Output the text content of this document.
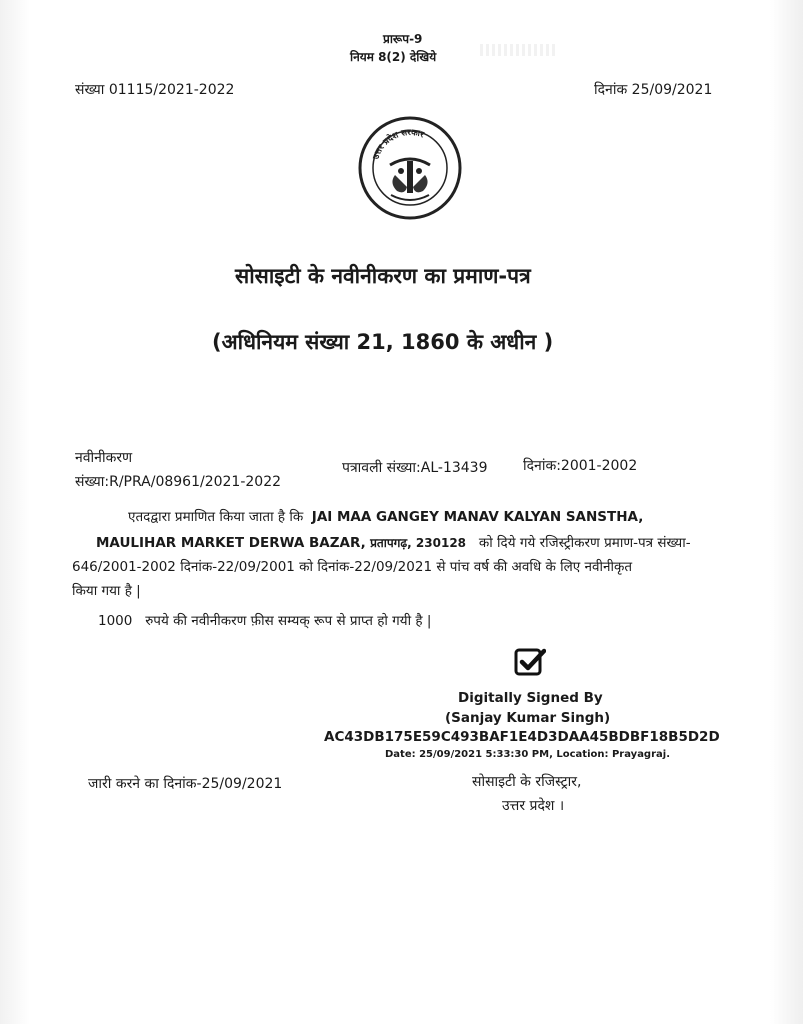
प्रारूप-9
नियम 8(2) देखिये
संख्या 01115/2021-2022	दिनांक 25/09/2021
उत्तर प्रदेश सरकार
सोसाइटी के नवीनीकरण का प्रमाण-पत्र
(अधिनियम संख्या 21, 1860 के अधीन )
नवीनीकरण
संख्या:R/PRA/08961/2021-2022
पत्रावली संख्या:AL-13439	दिनांक:2001-2002
एतदद्वारा प्रमाणित किया जाता है कि JAI MAA GANGEY MANAV KALYAN SANSTHA,
MAULIHAR MARKET DERWA BAZAR, प्रतापगढ़, 230128 को दिये गये रजिस्ट्रीकरण प्रमाण-पत्र संख्या-
646/2001-2002 दिनांक-22/09/2001 को दिनांक-22/09/2021 से पांच वर्ष की अवधि के लिए नवीनीकृत
किया गया है |
1000 रुपये की नवीनीकरण फ़ीस सम्यक् रूप से प्राप्त हो गयी है |
Digitally Signed By
(Sanjay Kumar Singh)
AC43DB175E59C493BAF1E4D3DAA45BDBF18B5D2D
Date: 25/09/2021 5:33:30 PM, Location: Prayagraj.
जारी करने का दिनांक-25/09/2021	सोसाइटी के रजिस्ट्रार,
उत्तर प्रदेश ।
